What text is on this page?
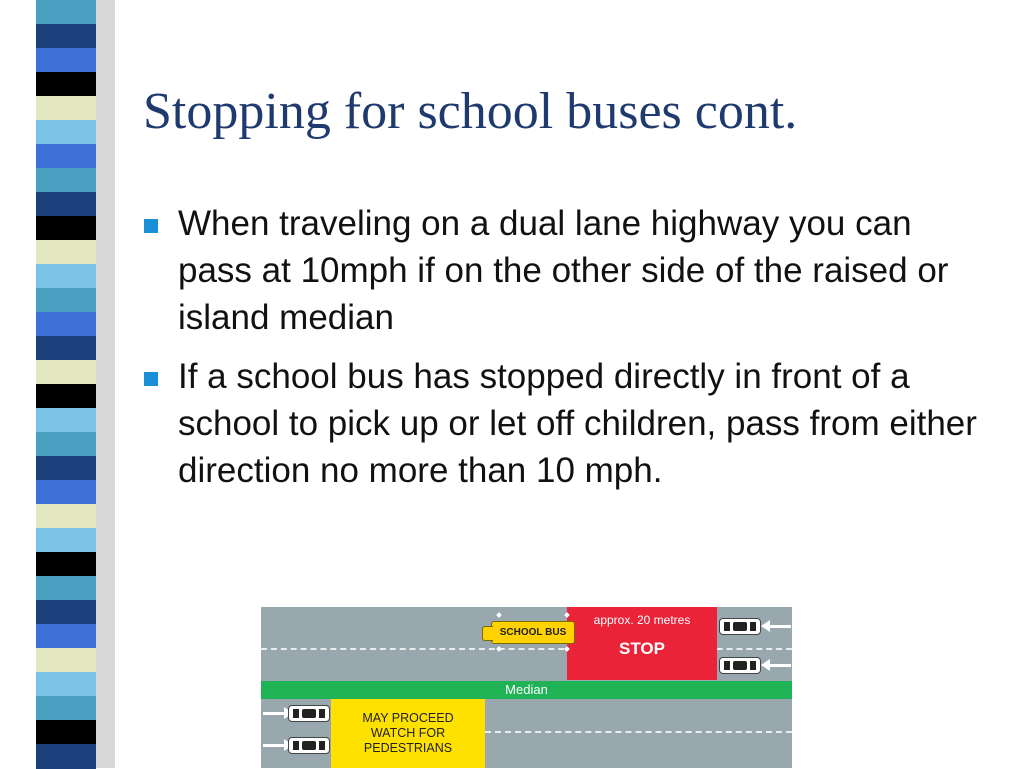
Stopping for school buses cont.
When traveling on a dual lane highway you can pass at 10mph if on the other side of the raised or island median
If a school bus has stopped directly in front of a school to pick up or let off children, pass from either direction no more than 10 mph.
approx. 20 metres
STOP
SCHOOL BUS
Median
MAY PROCEED
WATCH FOR
PEDESTRIANS
